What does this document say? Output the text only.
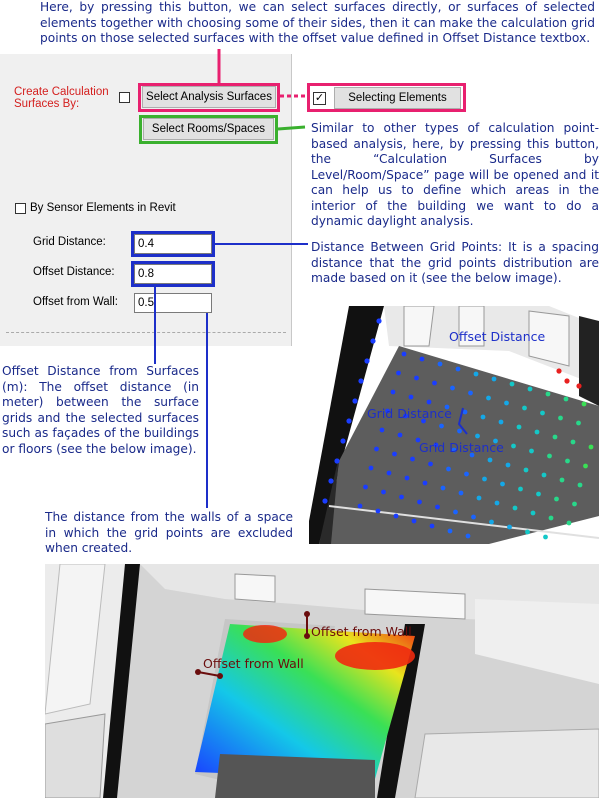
Here, by pressing this button, we can select surfaces directly, or surfaces of selected elements together with choosing some of their sides, then it can make the calculation grid points on those selected surfaces with the offset value defined in Offset Distance textbox.
Create Calculation Surfaces By:
Select Analysis Surfaces	✓	Selecting Elements
Select Rooms/Spaces
By Sensor Elements in Revit
Grid Distance:	0.4
Offset Distance:	0.8
Offset from Wall:	0.5
Similar to other types of calculation point-based analysis, here, by pressing this button, the “Calculation Surfaces by Level/Room/Space” page will be opened and it can help us to define which areas in the interior of the building we want to do a dynamic daylight analysis.
Distance Between Grid Points: It is a spacing distance that the grid points distribution are made based on it (see the below image).
Offset Distance from Surfaces (m): The offset distance (in meter) between the surface grids and the selected surfaces such as façades of the buildings or floors (see the below image).
Offset Distance
Grid Distance
Grid Distance
The distance from the walls of a space in which the grid points are excluded when created.
Offset from Wall
Offset from Wall
